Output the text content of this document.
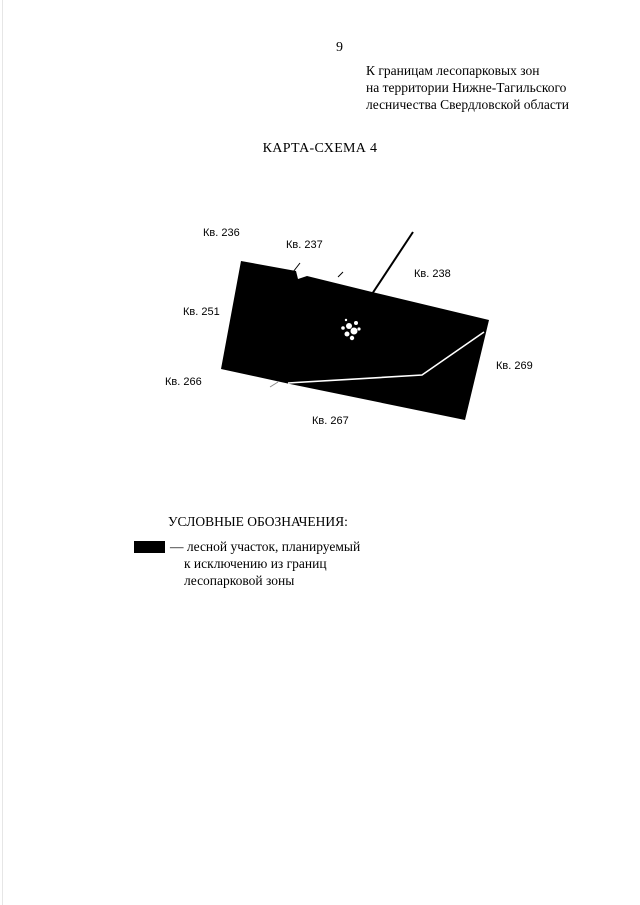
9
К границам лесопарковых зон
на территории Нижне-Тагильского
лесничества Свердловской области
КАРТА-СХЕМА 4
Кв. 236
Кв. 237
Кв. 238
Кв. 251
Кв. 269
Кв. 266
Кв. 267
УСЛОВНЫЕ ОБОЗНАЧЕНИЯ:
— лесной участок, планируемый
к исключению из границ
лесопарковой зоны
